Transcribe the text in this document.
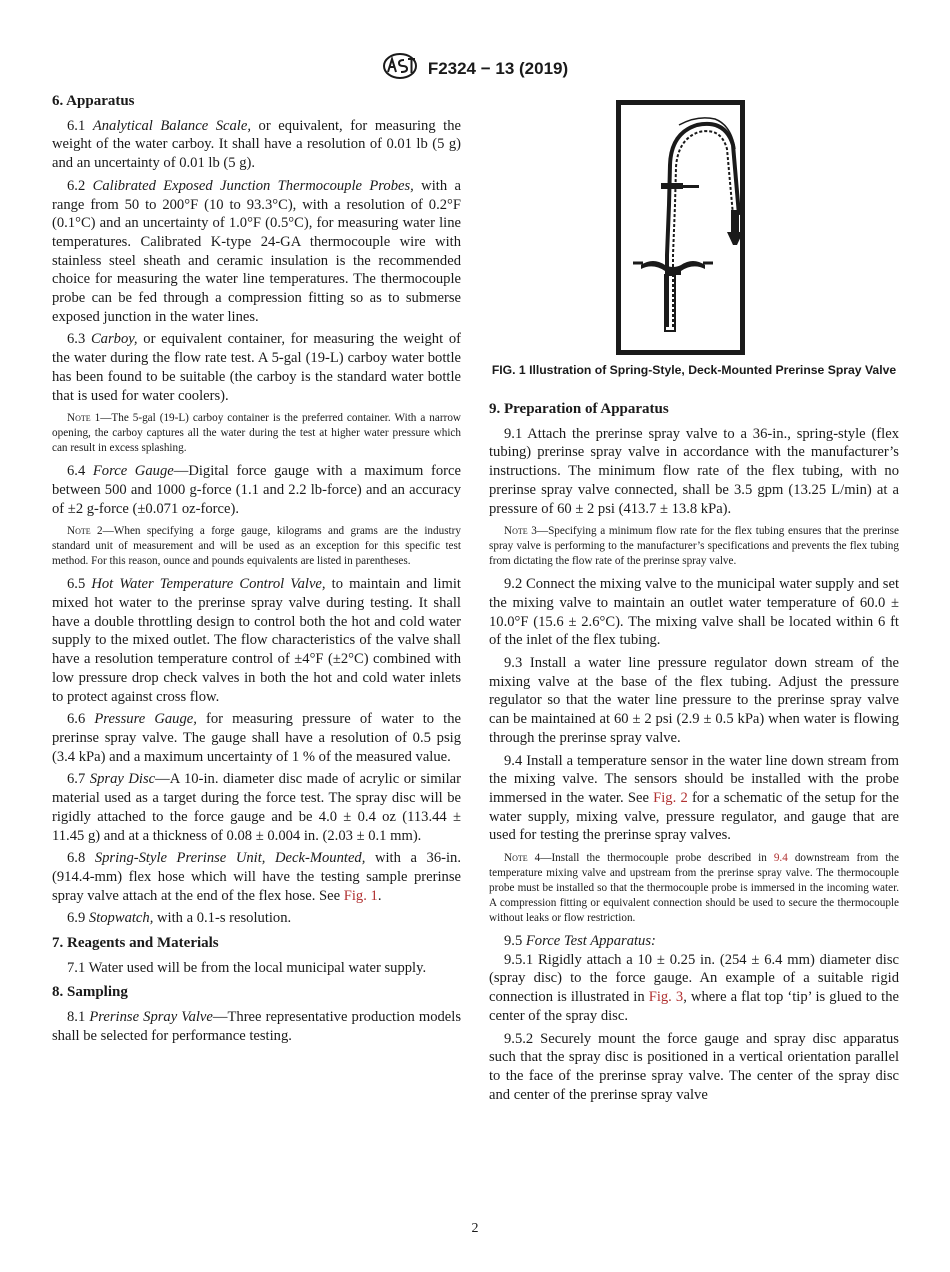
F2324 − 13 (2019)

6. Apparatus

6.1 Analytical Balance Scale, or equivalent, for measuring the weight of the water carboy. It shall have a resolution of 0.01 lb (5 g) and an uncertainty of 0.01 lb (5 g).

6.2 Calibrated Exposed Junction Thermocouple Probes, with a range from 50 to 200°F (10 to 93.3°C), with a resolution of 0.2°F (0.1°C) and an uncertainty of 1.0°F (0.5°C), for measuring water line temperatures. Calibrated K-type 24-GA thermocouple wire with stainless steel sheath and ceramic insulation is the recommended choice for measuring the water line temperatures. The thermocouple probe can be fed through a compression fitting so as to submerse exposed junction in the water lines.

6.3 Carboy, or equivalent container, for measuring the weight of the water during the flow rate test. A 5-gal (19-L) carboy water bottle has been found to be suitable (the carboy is the standard water bottle that is used for water coolers).

Note 1—The 5-gal (19-L) carboy container is the preferred container. With a narrow opening, the carboy captures all the water during the test at higher water pressure which can result in excess splashing.

6.4 Force Gauge—Digital force gauge with a maximum force between 500 and 1000 g-force (1.1 and 2.2 lb-force) and an accuracy of ±2 g-force (±0.071 oz-force).

Note 2—When specifying a forge gauge, kilograms and grams are the industry standard unit of measurement and will be used as an exception for this specific test method. For this reason, ounce and pounds equivalents are listed in parentheses.

6.5 Hot Water Temperature Control Valve, to maintain and limit mixed hot water to the prerinse spray valve during testing. It shall have a double throttling design to control both the hot and cold water supply to the mixed outlet. The flow characteristics of the valve shall have a resolution temperature control of ±4°F (±2°C) combined with low pressure drop check valves in both the hot and cold water inlets to protect against cross flow.

6.6 Pressure Gauge, for measuring pressure of water to the prerinse spray valve. The gauge shall have a resolution of 0.5 psig (3.4 kPa) and a maximum uncertainty of 1 % of the measured value.

6.7 Spray Disc—A 10-in. diameter disc made of acrylic or similar material used as a target during the force test. The spray disc will be rigidly attached to the force gauge and be 4.0 ± 0.4 oz (113.44 ± 11.45 g) and at a thickness of 0.08 ± 0.004 in. (2.03 ± 0.1 mm).

6.8 Spring-Style Prerinse Unit, Deck-Mounted, with a 36-in. (914.4-mm) flex hose which will have the testing sample prerinse spray valve attach at the end of the flex hose. See Fig. 1.

6.9 Stopwatch, with a 0.1-s resolution.

7. Reagents and Materials

7.1 Water used will be from the local municipal water supply.

8. Sampling

8.1 Prerinse Spray Valve—Three representative production models shall be selected for performance testing.

FIG. 1 Illustration of Spring-Style, Deck-Mounted Prerinse Spray Valve

9. Preparation of Apparatus

9.1 Attach the prerinse spray valve to a 36-in., spring-style (flex tubing) prerinse spray valve in accordance with the manufacturer’s instructions. The minimum flow rate of the flex tubing, with no prerinse spray valve connected, shall be 3.5 gpm (13.25 L/min) at a pressure of 60 ± 2 psi (413.7 ± 13.8 kPa).

Note 3—Specifying a minimum flow rate for the flex tubing ensures that the prerinse spray valve is performing to the manufacturer’s specifications and prevents the flex tubing from dictating the flow rate of the prerinse spray valve.

9.2 Connect the mixing valve to the municipal water supply and set the mixing valve to maintain an outlet water temperature of 60.0 ± 10.0°F (15.6 ± 2.6°C). The mixing valve shall be located within 6 ft of the inlet of the flex tubing.

9.3 Install a water line pressure regulator down stream of the mixing valve at the base of the flex tubing. Adjust the pressure regulator so that the water line pressure to the prerinse spray valve can be maintained at 60 ± 2 psi (2.9 ± 0.5 kPa) when water is flowing through the prerinse spray valve.

9.4 Install a temperature sensor in the water line down stream from the mixing valve. The sensors should be installed with the probe immersed in the water. See Fig. 2 for a schematic of the setup for the water supply, mixing valve, pressure regulator, and gauge that are used for testing the prerinse spray valves.

Note 4—Install the thermocouple probe described in 9.4 downstream from the temperature mixing valve and upstream from the prerinse spray valve. The thermocouple probe must be installed so that the thermocouple probe is immersed in the incoming water. A compression fitting or equivalent connection should be used to secure the thermocouple without leaks or flow restriction.

9.5 Force Test Apparatus:

9.5.1 Rigidly attach a 10 ± 0.25 in. (254 ± 6.4 mm) diameter disc (spray disc) to the force gauge. An example of a suitable rigid connection is illustrated in Fig. 3, where a flat top ‘tip’ is glued to the center of the spray disc.

9.5.2 Securely mount the force gauge and spray disc apparatus such that the spray disc is positioned in a vertical orientation parallel to the face of the prerinse spray valve. The center of the spray disc and center of the prerinse spray valve

2
